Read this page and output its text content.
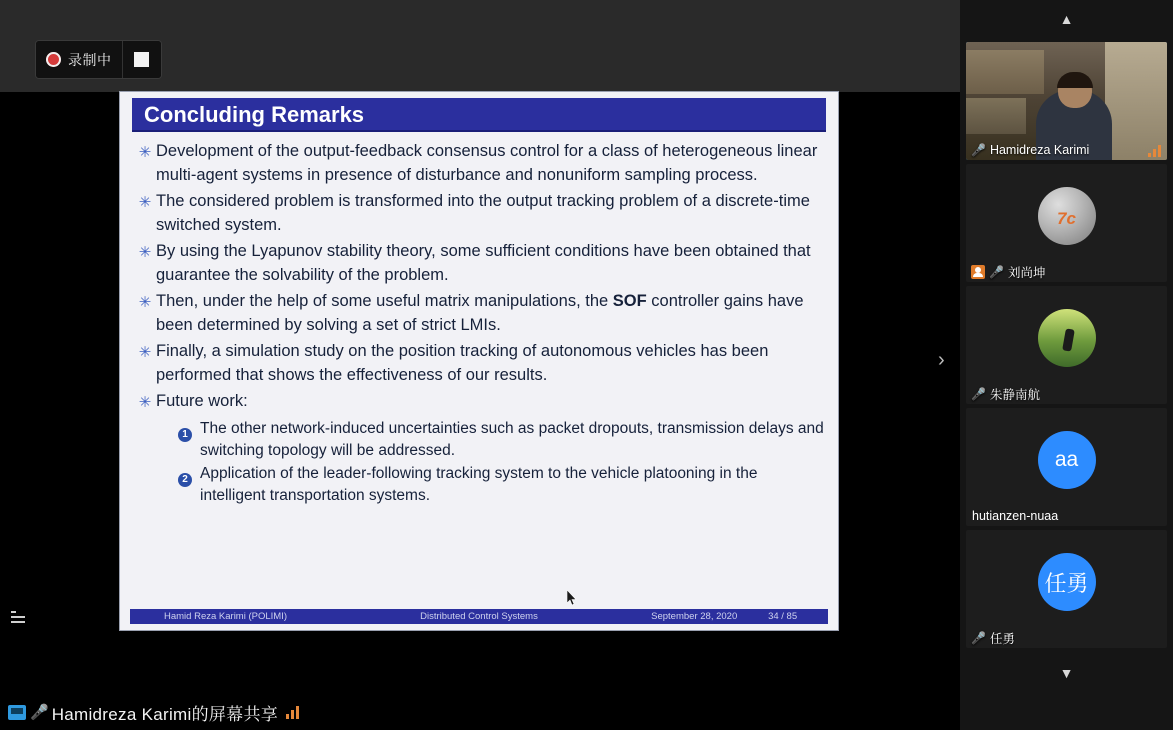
录制中
Concluding Remarks
✳ Development of the output-feedback consensus control for a class of heterogeneous linear multi-agent systems in presence of disturbance and nonuniform sampling process.
✳ The considered problem is transformed into the output tracking problem of a discrete-time switched system.
✳ By using the Lyapunov stability theory, some sufficient conditions have been obtained that guarantee the solvability of the problem.
✳ Then, under the help of some useful matrix manipulations, the SOF controller gains have been determined by solving a set of strict LMIs.
✳ Finally, a simulation study on the position tracking of autonomous vehicles has been performed that shows the effectiveness of our results.
✳ Future work:
1 The other network-induced uncertainties such as packet dropouts, transmission delays and switching topology will be addressed.
2 Application of the leader-following tracking system to the vehicle platooning in the intelligent transportation systems.
Hamid Reza Karimi (POLIMI)	Distributed Control Systems	September 28, 2020	34 / 85
›
🎤 Hamidreza Karimi的屏幕共享
▲
🎤 Hamidreza Karimi
7c
🎤 刘尚坤
🎤 朱静南航
aa
hutianzen-nuaa
任勇
🎤 任勇
▼
